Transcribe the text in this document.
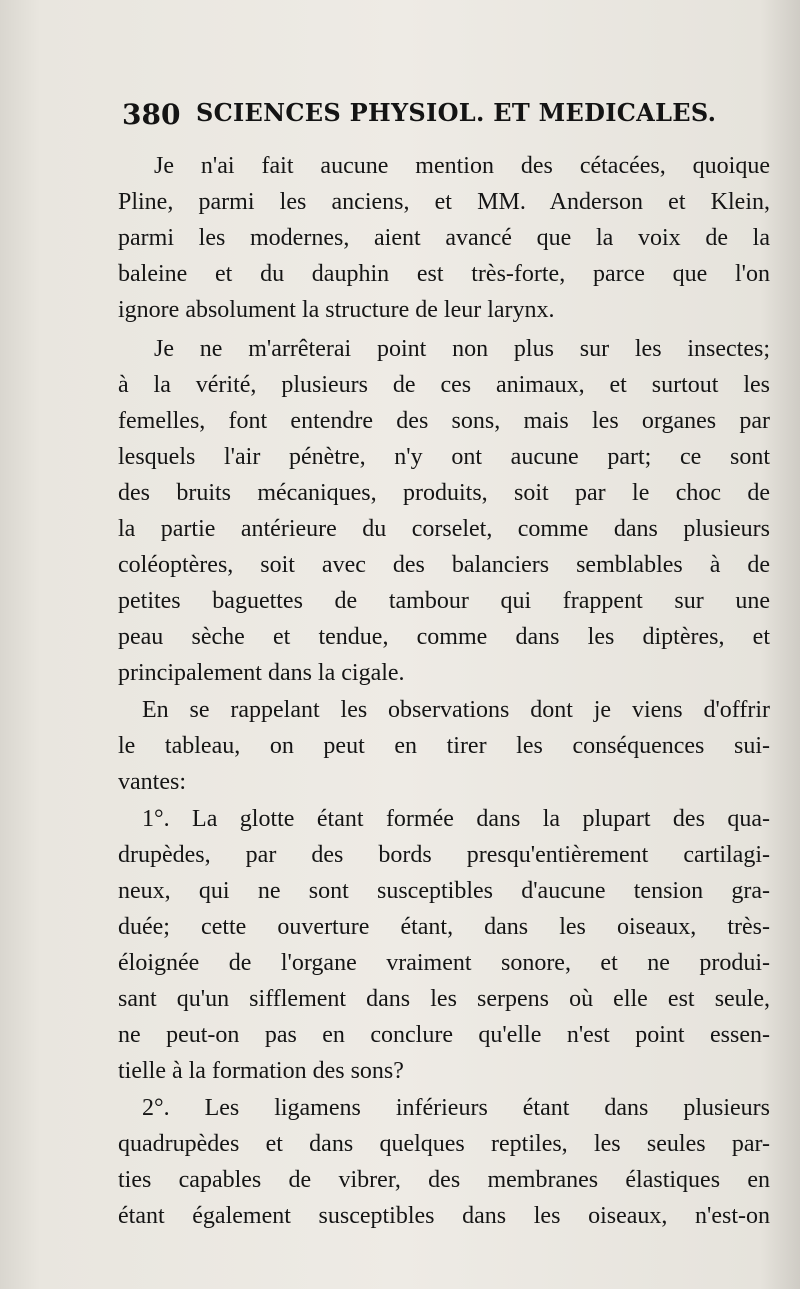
380 SCIENCES PHYSIOL. ET MEDICALES.
Je n'ai fait aucune mention des cétacées, quoique
Pline, parmi les anciens, et MM. Anderson et Klein,
parmi les modernes, aient avancé que la voix de la
baleine et du dauphin est très-forte, parce que l'on
ignore absolument la structure de leur larynx.
Je ne m'arrêterai point non plus sur les insectes;
à la vérité, plusieurs de ces animaux, et surtout les
femelles, font entendre des sons, mais les organes par
lesquels l'air pénètre, n'y ont aucune part; ce sont
des bruits mécaniques, produits, soit par le choc de
la partie antérieure du corselet, comme dans plusieurs
coléoptères, soit avec des balanciers semblables à de
petites baguettes de tambour qui frappent sur une
peau sèche et tendue, comme dans les diptères, et
principalement dans la cigale.
En se rappelant les observations dont je viens d'offrir
le tableau, on peut en tirer les conséquences sui-
vantes:
1°. La glotte étant formée dans la plupart des qua-
drupèdes, par des bords presqu'entièrement cartilagi-
neux, qui ne sont susceptibles d'aucune tension gra-
duée; cette ouverture étant, dans les oiseaux, très-
éloignée de l'organe vraiment sonore, et ne produi-
sant qu'un sifflement dans les serpens où elle est seule,
ne peut-on pas en conclure qu'elle n'est point essen-
tielle à la formation des sons?
2°. Les ligamens inférieurs étant dans plusieurs
quadrupèdes et dans quelques reptiles, les seules par-
ties capables de vibrer, des membranes élastiques en
étant également susceptibles dans les oiseaux, n'est-on
